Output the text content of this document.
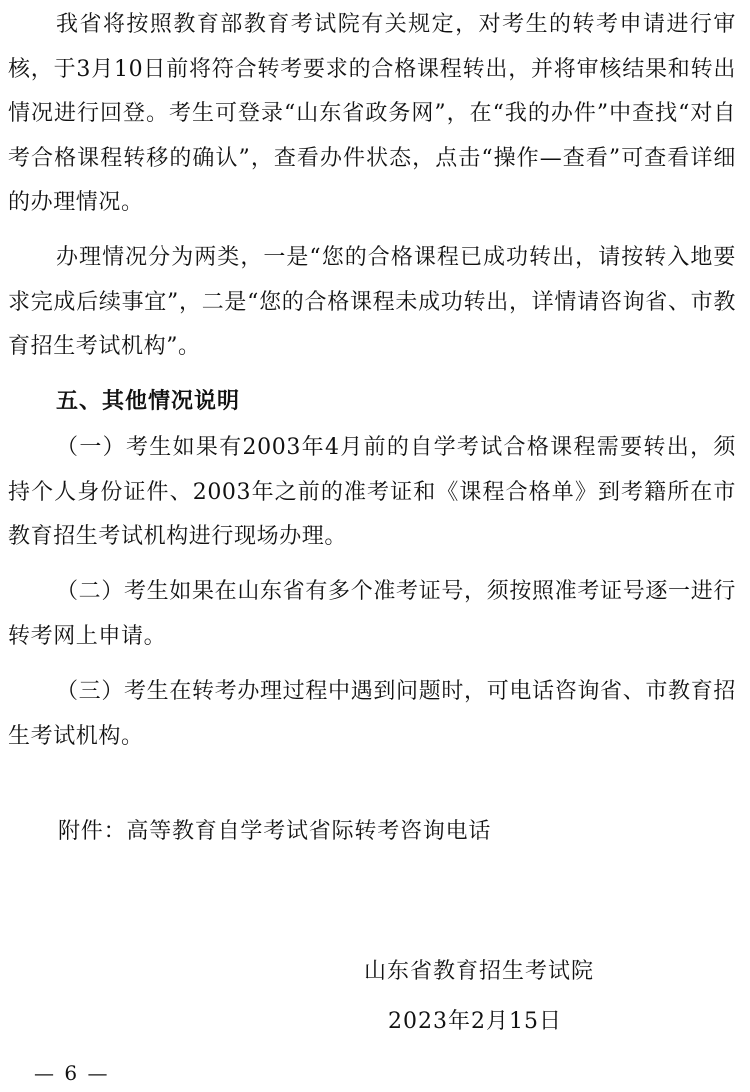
我省将按照教育部教育考试院有关规定，对考生的转考申请进行审核，于3月10日前将符合转考要求的合格课程转出，并将审核结果和转出情况进行回登。考生可登录“山东省政务网”，在“我的办件”中查找“对自考合格课程转移的确认”，查看办件状态，点击“操作—查看”可查看详细的办理情况。

办理情况分为两类，一是“您的合格课程已成功转出，请按转入地要求完成后续事宜”，二是“您的合格课程未成功转出，详情请咨询省、市教育招生考试机构”。

五、其他情况说明

（一）考生如果有2003年4月前的自学考试合格课程需要转出，须持个人身份证件、2003年之前的准考证和《课程合格单》到考籍所在市教育招生考试机构进行现场办理。

（二）考生如果在山东省有多个准考证号，须按照准考证号逐一进行转考网上申请。

（三）考生在转考办理过程中遇到问题时，可电话咨询省、市教育招生考试机构。

附件：高等教育自学考试省际转考咨询电话

山东省教育招生考试院

2023年2月15日

— 6 —
